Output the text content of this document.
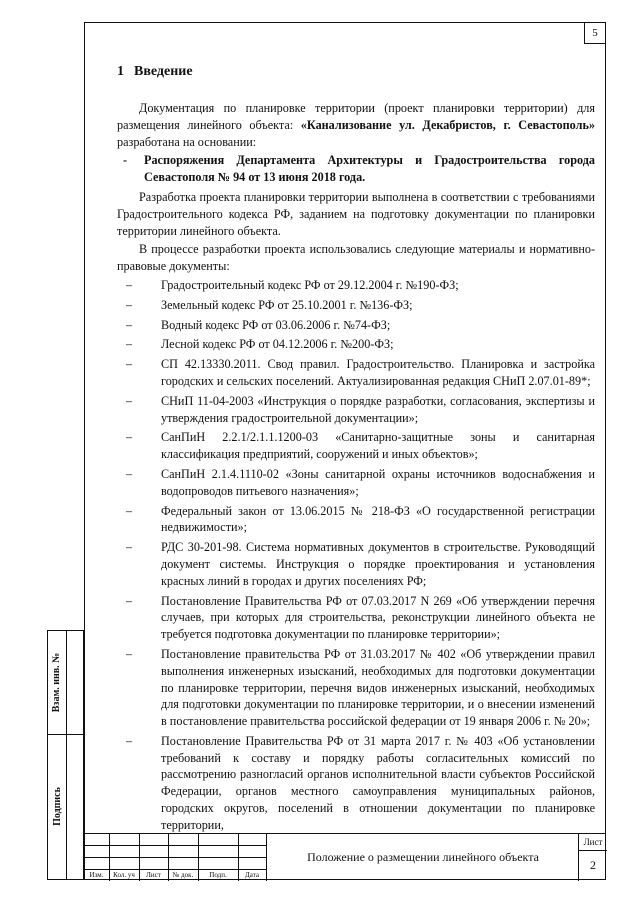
5
Взам. инв. №
Подпись
1 Введение

Документация по планировке территории (проект планировки территории) для размещения линейного объекта: «Канализование ул. Декабристов, г. Севастополь» разработана на основании:

- Распоряжения Департамента Архитектуры и Градостроительства города Севастополя № 94 от 13 июня 2018 года.

Разработка проекта планировки территории выполнена в соответствии с требованиями Градостроительного кодекса РФ, заданием на подготовку документации по планировки территории линейного объекта.

В процессе разработки проекта использовались следующие материалы и нормативно-правовые документы:

– Градостроительный кодекс РФ от 29.12.2004 г. №190-ФЗ;
– Земельный кодекс РФ от 25.10.2001 г. №136-ФЗ;
– Водный кодекс РФ от 03.06.2006 г. №74-ФЗ;
– Лесной кодекс РФ от 04.12.2006 г. №200-ФЗ;
– СП 42.13330.2011. Свод правил. Градостроительство. Планировка и застройка городских и сельских поселений. Актуализированная редакция СНиП 2.07.01-89*;
– СНиП 11-04-2003 «Инструкция о порядке разработки, согласования, экспертизы и утверждения градостроительной документации»;
– СанПиН 2.2.1/2.1.1.1200-03 «Санитарно-защитные зоны и санитарная классификация предприятий, сооружений и иных объектов»;
– СанПиН 2.1.4.1110-02 «Зоны санитарной охраны источников водоснабжения и водопроводов питьевого назначения»;
– Федеральный закон от 13.06.2015 № 218-ФЗ «О государственной регистрации недвижимости»;
– РДС 30-201-98. Система нормативных документов в строительстве. Руководящий документ системы. Инструкция о порядке проектирования и установления красных линий в городах и других поселениях РФ;
– Постановление Правительства РФ от 07.03.2017 N 269 «Об утверждении перечня случаев, при которых для строительства, реконструкции линейного объекта не требуется подготовка документации по планировке территории»;
– Постановление правительства РФ от 31.03.2017 № 402 «Об утверждении правил выполнения инженерных изысканий, необходимых для подготовки документации по планировке территории, перечня видов инженерных изысканий, необходимых для подготовки документации по планировке территории, и о внесении изменений в постановление правительства российской федерации от 19 января 2006 г. № 20»;
– Постановление Правительства РФ от 31 марта 2017 г. № 403 «Об установлении требований к составу и порядку работы согласительных комиссий по рассмотрению разногласий органов исполнительной власти субъектов Российской Федерации, органов местного самоуправления муниципальных районов, городских округов, поселений в отношении документации по планировке территории,
Изм.	Кол. уч	Лист	№ док.	Подп.	Дата
Положение о размещении линейного объекта
Лист
2
